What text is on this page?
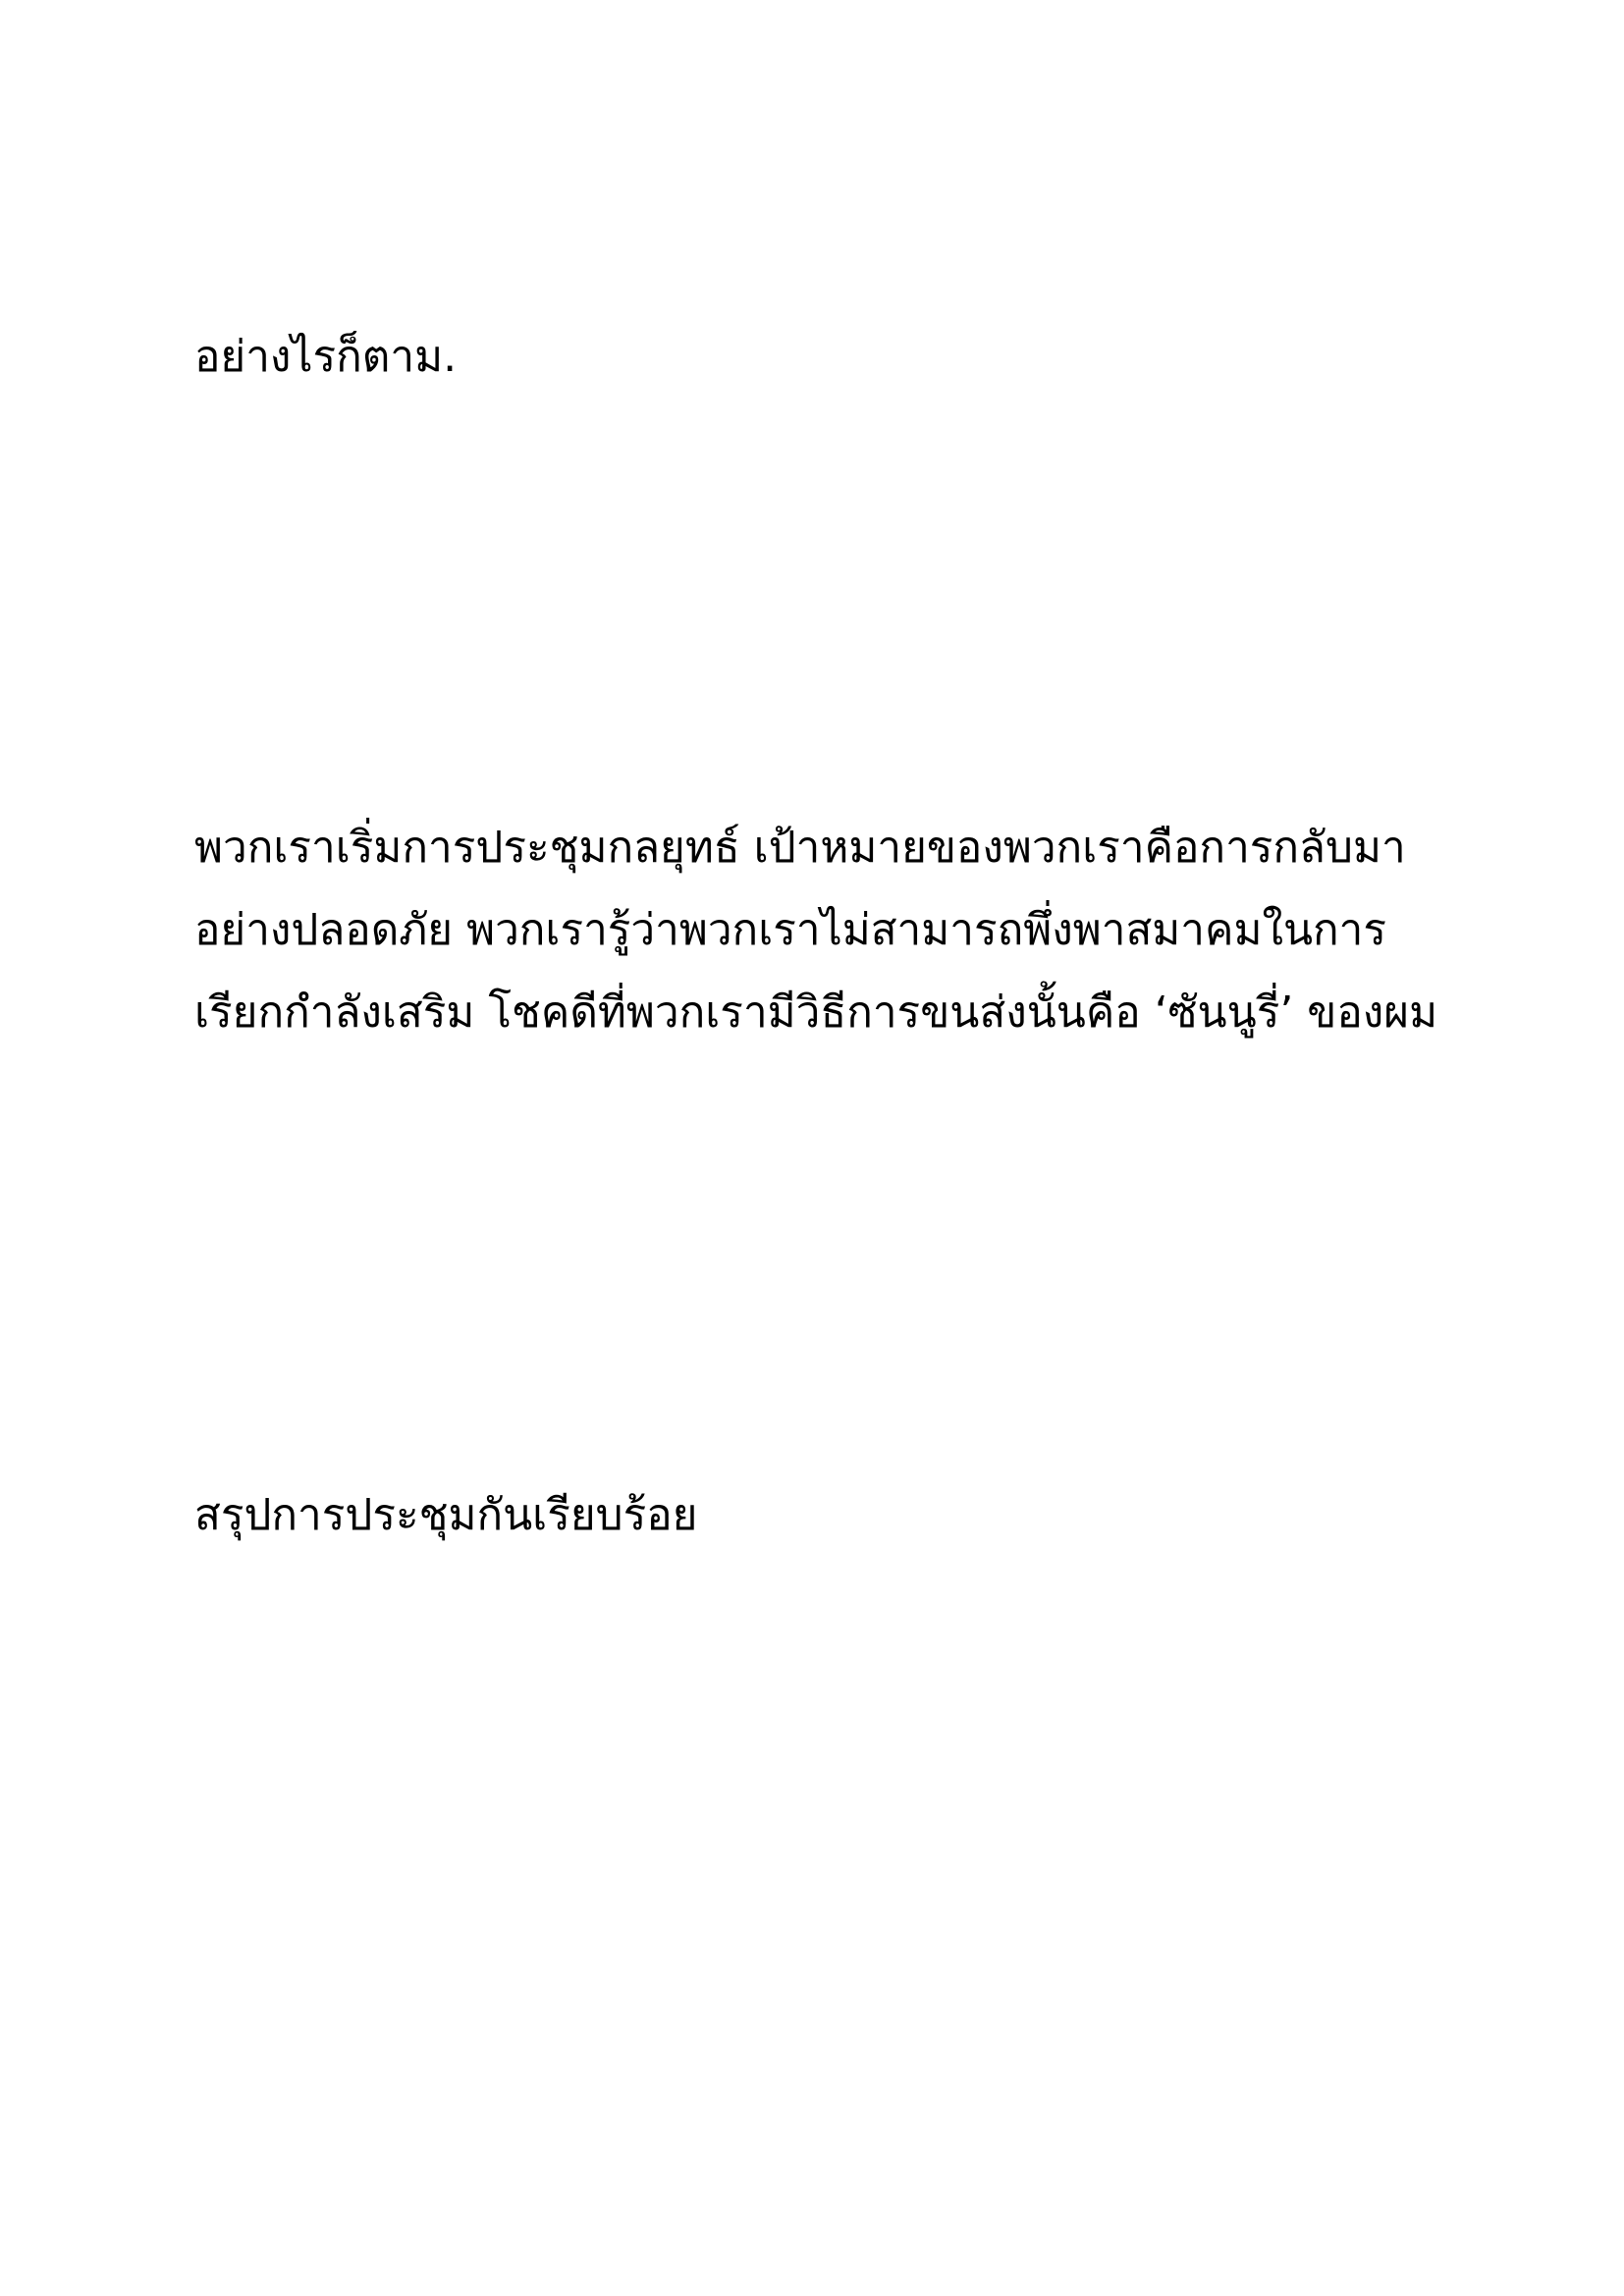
อย่างไรก็ตาม.

พวกเราเริ่มการประชุมกลยุทธ์ เป้าหมายของพวกเราคือการกลับมา
อย่างปลอดภัย พวกเรารู้ว่าพวกเราไม่สามารถพึ่งพาสมาคมในการ
เรียกกำลังเสริม โชคดีที่พวกเรามีวิธีการขนส่งนั้นคือ ‘ซันนูรี่’ ของผม

สรุปการประชุมกันเรียบร้อย
